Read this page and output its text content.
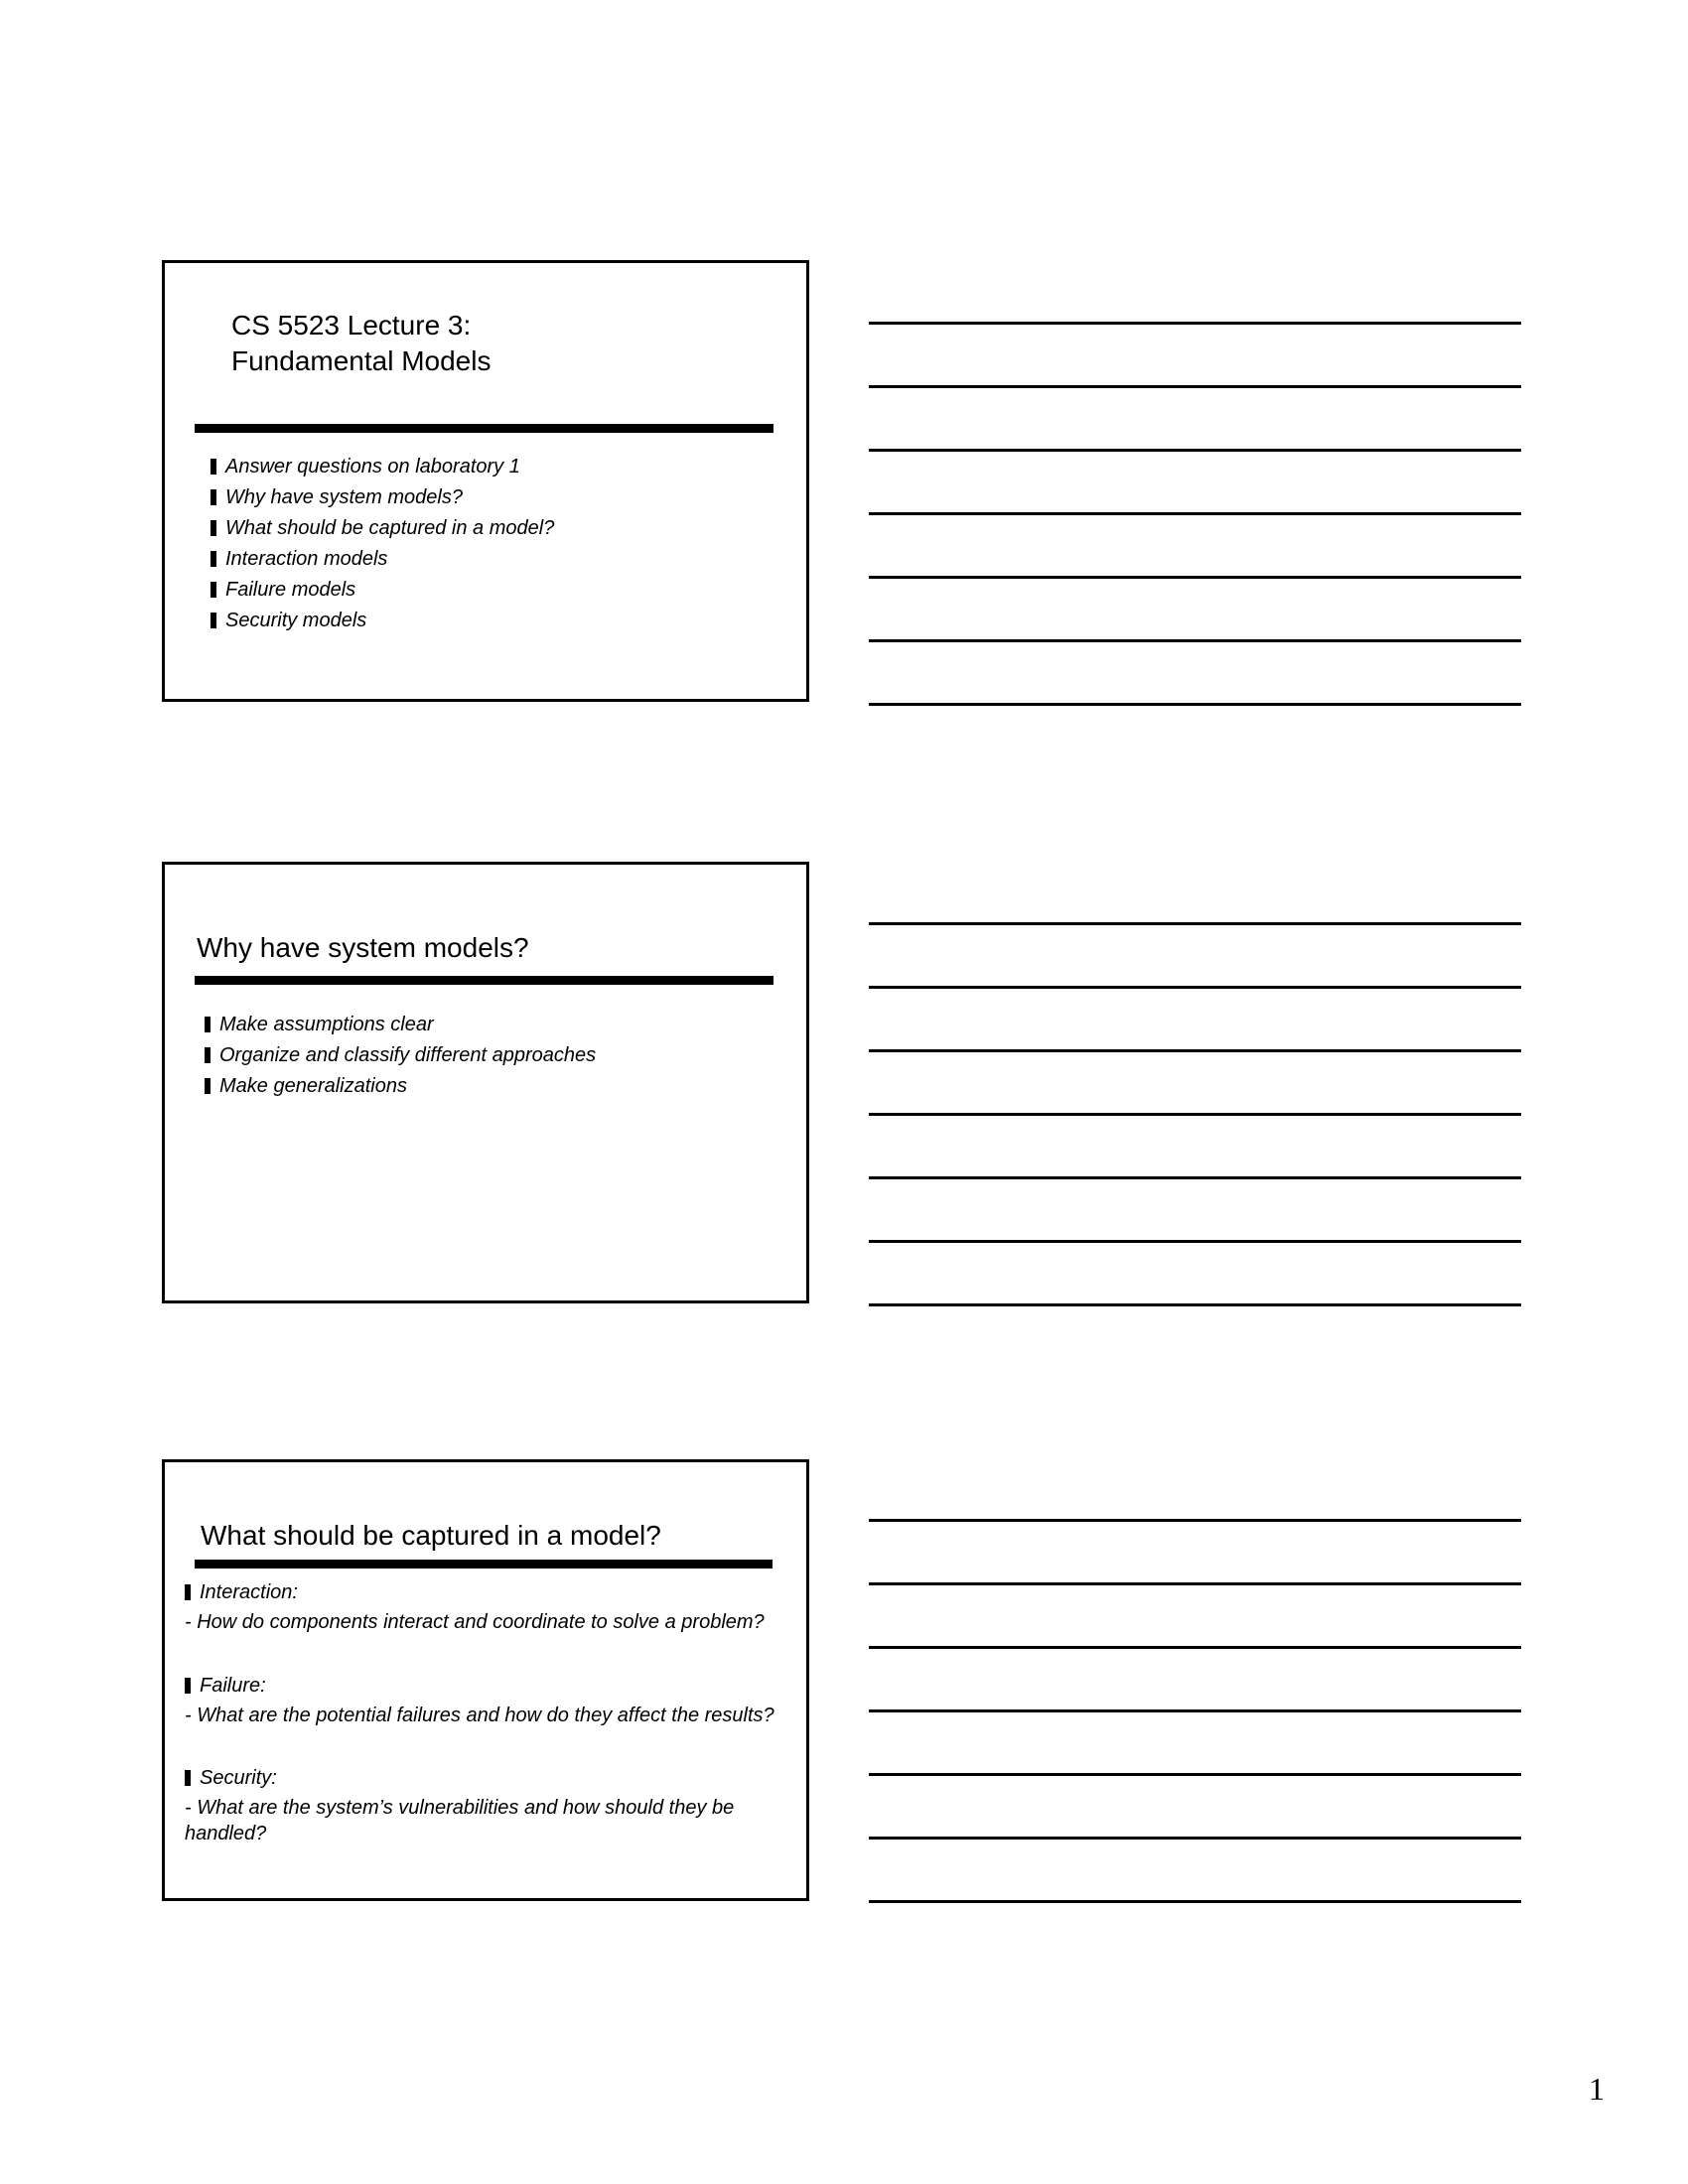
CS 5523 Lecture 3:
Fundamental Models
Answer questions on laboratory 1
Why have system models?
What should be captured in a model?
Interaction models
Failure models
Security models
Why have system models?
Make assumptions clear
Organize and classify different approaches
Make generalizations
What should be captured in a model?
Interaction:
- How do components interact and coordinate to solve a problem?
Failure:
- What are the potential failures and how do they affect the results?
Security:
- What are the system’s vulnerabilities and how should they be handled?
1
